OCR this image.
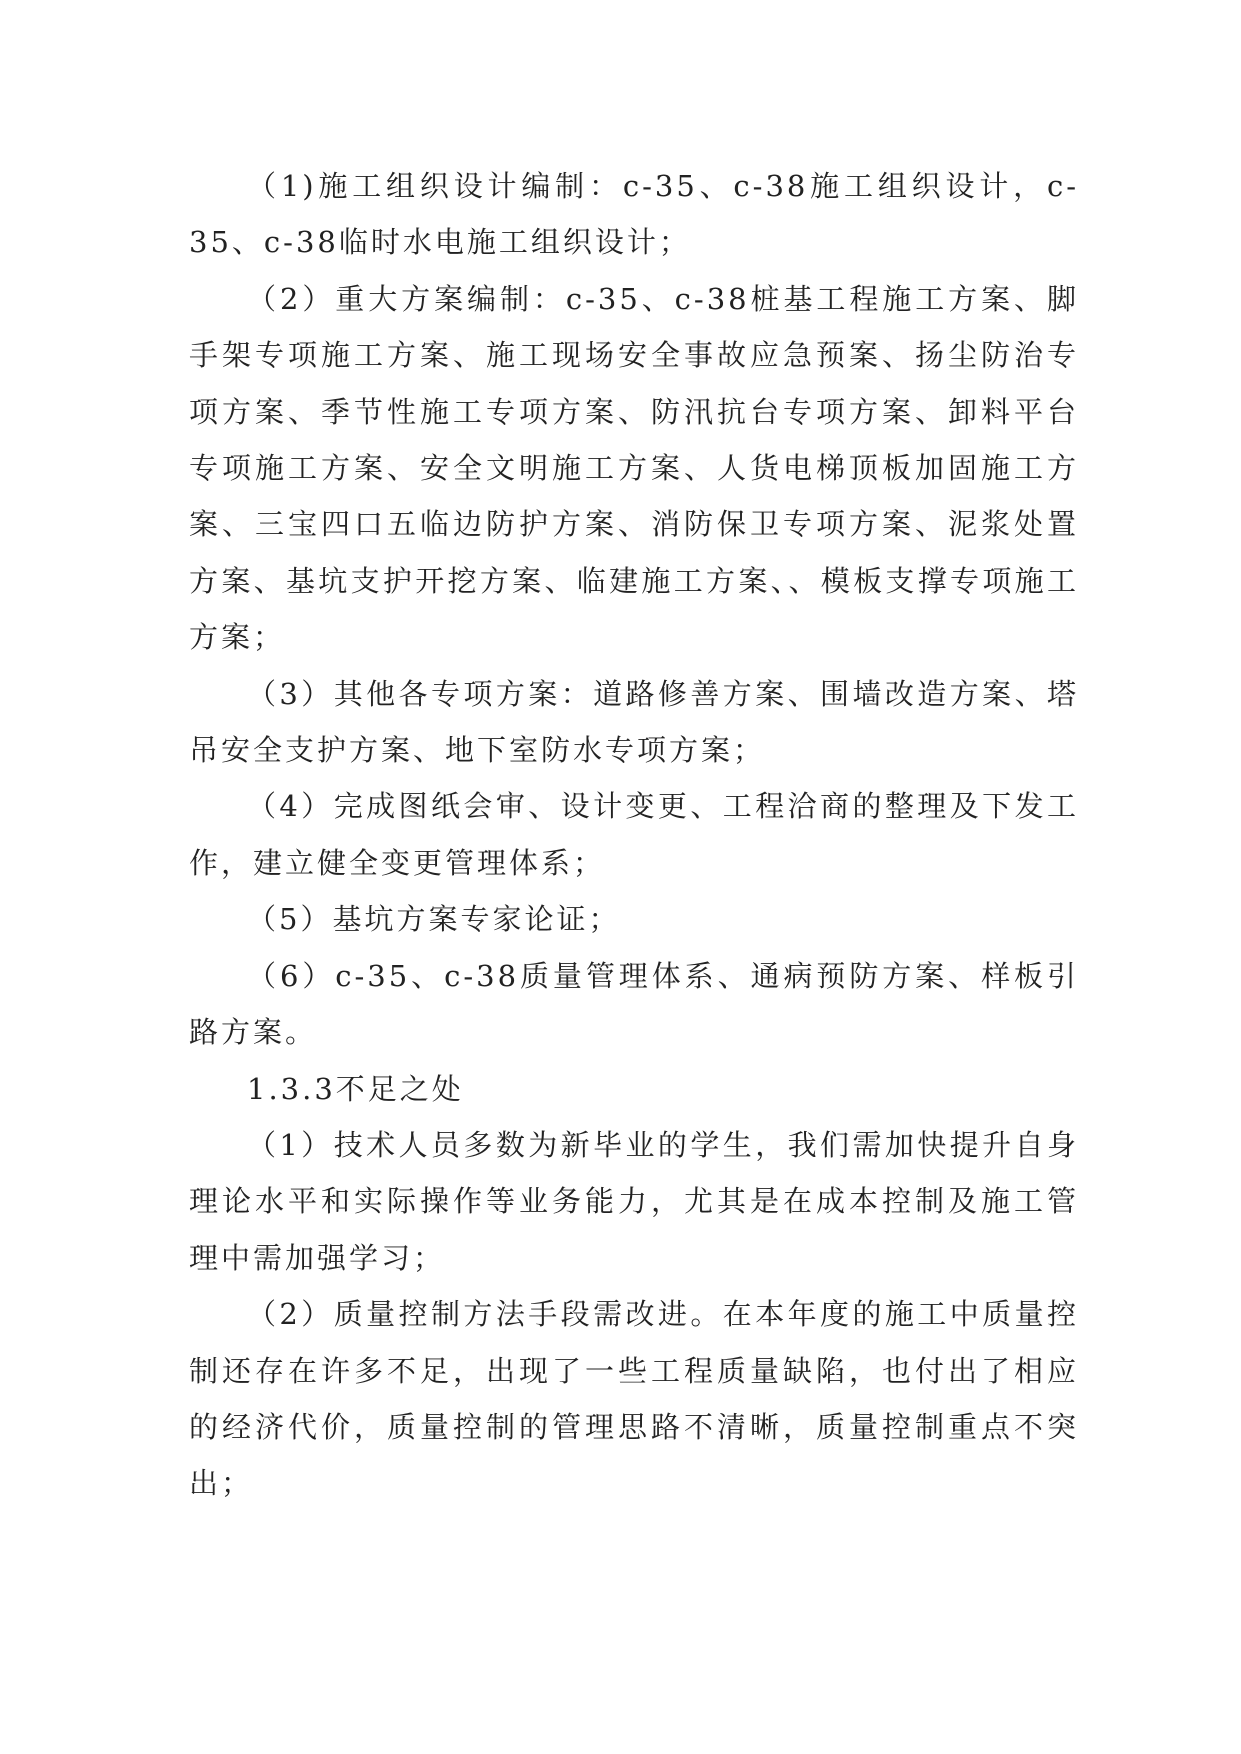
（1)施工组织设计编制：c-35、c-38施工组织设计，c-35、c-38临时水电施工组织设计；

（2）重大方案编制：c-35、c-38桩基工程施工方案、脚手架专项施工方案、施工现场安全事故应急预案、扬尘防治专项方案、季节性施工专项方案、防汛抗台专项方案、卸料平台专项施工方案、安全文明施工方案、人货电梯顶板加固施工方案、三宝四口五临边防护方案、消防保卫专项方案、泥浆处置方案、基坑支护开挖方案、临建施工方案、、模板支撑专项施工方案；

（3）其他各专项方案：道路修善方案、围墙改造方案、塔吊安全支护方案、地下室防水专项方案；

（4）完成图纸会审、设计变更、工程洽商的整理及下发工作，建立健全变更管理体系；

（5）基坑方案专家论证；

（6）c-35、c-38质量管理体系、通病预防方案、样板引路方案。

1.3.3不足之处

（1）技术人员多数为新毕业的学生，我们需加快提升自身理论水平和实际操作等业务能力，尤其是在成本控制及施工管理中需加强学习；

（2）质量控制方法手段需改进。在本年度的施工中质量控制还存在许多不足，出现了一些工程质量缺陷，也付出了相应的经济代价，质量控制的管理思路不清晰，质量控制重点不突出；
